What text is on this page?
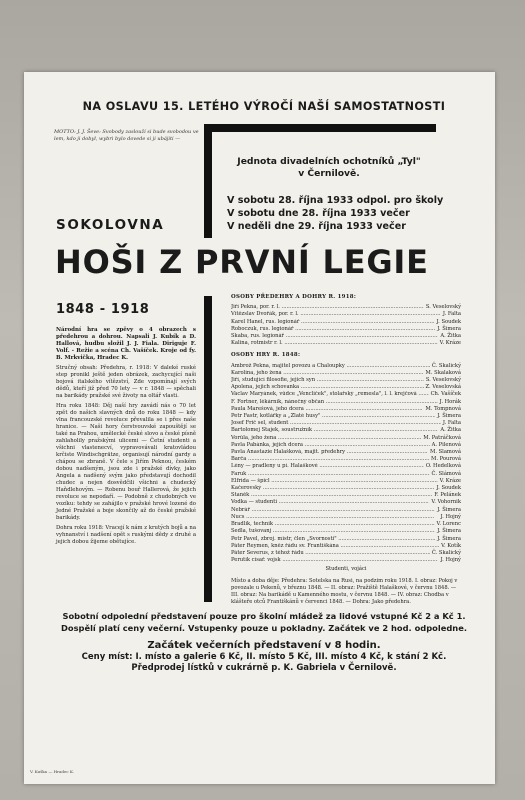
NA OSLAVU 15. LETÉHO VÝROČÍ NAŠÍ SAMOSTATNOSTI
MOTTO: J. J. Ševe: Svobody zaslouží si bude svobodou ve lem, kdo ji dobyl, wybri bylo dovede si ji ubájiti —
Jednota divadelních ochotníků „Tyl"
v Černilově.
V sobotu 28. října 1933 odpol. pro školy
V sobotu dne 28. října 1933 večer
V neděli dne 29. října 1933 večer
SOKOLOVNA
HOŠI Z PRVNÍ LEGIE
1848 - 1918

Národní hra se zpěvy o 4 obrazech s předehrou a dohrou. Napsali J. Kubík a D. Hallová, hudbu složil J. J. Fiala. Diriguje F. Volf. - Režie a scéna Ch. Vašíček. Kroje od fy. B. Mrkvička, Hradec K.

Stručný obsah: Předehra, r. 1918: V daleké ruské step pronikl ještě jeden obrázek, zachycující naši bojová italského vítězství, Zde vzpomínají svých dědů, kteří již před 70 lety — v r. 1848 — spěchali na barikády pražské své životy na oltář vlasti.

Hra roku 1848: Děj naší hry zavádí nás o 70 let zpět do našich slavných dnů do roku 1848 — kdy vlna francouzské revoluce převalila se i přes naše hranice. — Naši hory čerstvouvské zapouštějí se také na Prahou, umělecké české slovo a české písně zahlaholily pražskými ulicemi — Četní studenti a všichni vlastenecví, vypravovávali kratovládou krčiste Windischgrätze, organisují národní gardy a chápou se zbraně. V čele s Jiřím Peknou, českém dobou nadšeným, jsou zde i pražské dívky, jako Angela a nadšený svým jako představují dochodil chudec a nejen dosvědčili všichni a chudecký Haňdlehovým. — Robenu bouř Hallerová, že jejich revoluce se nepodaří. — Podobně z chudobných ve vozíku: tehdy se zahájilo v pražské hrové lozené do Jedné Pražské a boje skončily až do české pražské barikády.

Dohra roku 1918: Vracejí k nám z krutých bojů a na vyhnanství i nadšení opět s ruskými dědy z druhé a jejich dobou žijeme obětujíce.

OSOBY PŘEDEHRY A DOHRY R. 1918:
Jiří Pekna, por. r. l. .....	S. Veselovský
Vítězslav Dvořák, por. r. l. .....	J. Falta
Karel Hanel, rus. legionář .....	J. Soudek
Roboczuk, rus. legionář .....	J. Šimera
Škaba, rus. legionář .....	A. Žitka
Kalina, rotmistr r. l. .....	V. Kráze
OSOBY HRY R. 1848:
Ambrož Pekna, majitel povozu a Chaloupky .....	Č. Skalický
Karolína, jeho žena .....	M. Skalaková
Jiří, studující filosofie, jejich syn .....	S. Veselovský
Apolena, jejich schovanka .....	Z. Veselovská
Václav Maryánek, vůdce „Venclíček", stolařský „remesla", l. l. krejčová .....	Ch. Vašíček
F. Fortner, lékárník, nánečný občan .....	J. Horák
Paula Marešová, jeho dcera .....	M. Tompnová
Petr Fastr, kotlářky a „Zlaté husy" .....	J. Šimera
Josef Frič sel, student .....	J. Falta
Bartolomej Stajek, soustružník .....	A. Žitka
Vorůla, jeho žena .....	M. Patráčková
Pavla Pabánka, jejich dcera .....	A. Pilenová
Pavla Anastazie Halašková, majit. předehry .....	M. Slamová
Barča .....	M. Pourová
Lény — pradleny u pí. Halaškové .....	O. Hedelková
Faruk .....	Č. Slámová
Elfrida — špicl .....	V. Kráze
Kačerovský .....	J. Soudek
Staněk .....	F. Pelánek
Vodka — studenti .....	V. Vohornik
Nebrář .....	J. Šimera
Nucs .....	J. Hojný
Bradlík, technik .....	V. Lorenc
Sedla, tušovanj .....	J. Šimera
Petr Pavel, zbroj. mistr, člen „Svornosti" .....	J. Šimera
Páter Reymen, kněz řádu sv. Františkána .....	V. Kotík
Páter Severus, z téhož řádu .....	Č. Skalický
Perutík císař. vojsk .....	J. Hojný
Studenti, vojáci
Místo a doba děje: Předehra: Sotelska na Rusi, na podzim roku 1918. I. obraz: Pokoj v povozale u Pekenů, v březnu 1848. — II. obraz: Pražiště Halaškové, v červnu 1848. — III. obraz: Na barikádě u Kamenného mostu, v červnu 1848. — IV. obraz: Chodba v klášteře otců Františkánů v červenci 1848. — Dohra: Jako předehra.
Sobotní odpolední představení pouze pro školní mládež za lidové vstupné Kč 2 a Kč 1.
Dospělí platí ceny večerní. Vstupenky pouze u pokladny. Začátek ve 2 hod. odpoledne.
Začátek večerních představení v 8 hodin.
Ceny míst: I. místo a galerie 6 Kč, II. místo 5 Kč, III. místo 4 Kč, k stání 2 Kč.
Předprodej lístků v cukrárně p. K. Gabriela v Černilově.
V. Kuška — Hradec K.
